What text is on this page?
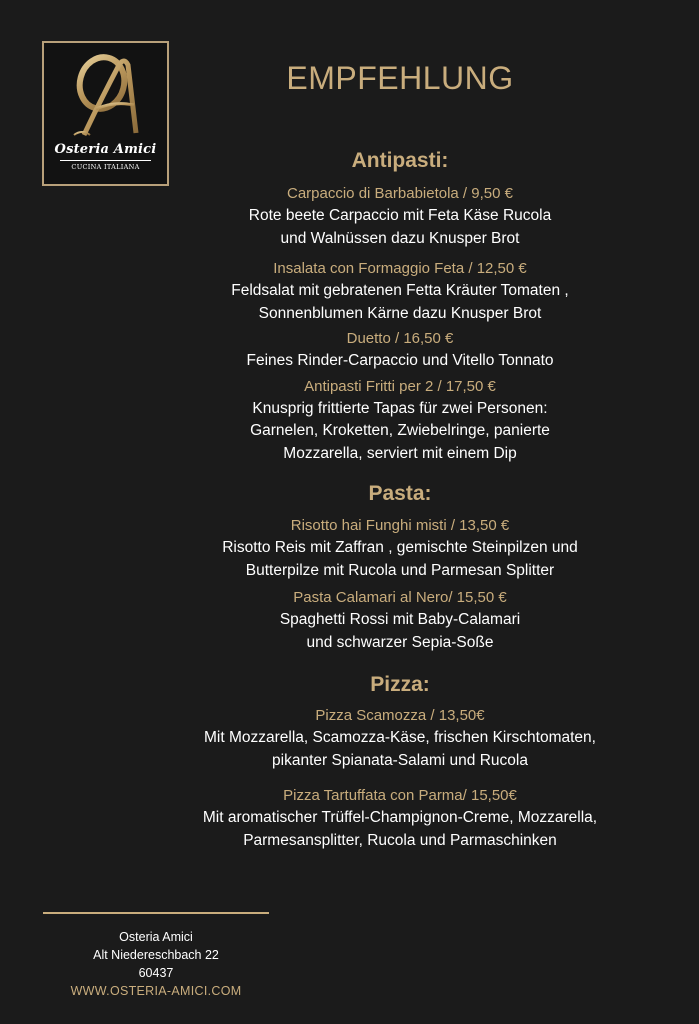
Osteria Amici
CUCINA ITALIANA
EMPFEHLUNG

Antipasti:

Carpaccio di Barbabietola / 9,50 €

Rote beete Carpaccio mit Feta Käse Rucola

und Walnüssen dazu Knusper Brot

Insalata con Formaggio Feta / 12,50 €

Feldsalat mit gebratenen Fetta Kräuter Tomaten ,

Sonnenblumen Kärne dazu Knusper Brot

Duetto / 16,50 €

Feines Rinder-Carpaccio und Vitello Tonnato

Antipasti Fritti per 2 / 17,50 €

Knusprig frittierte Tapas für zwei Personen:

Garnelen, Kroketten, Zwiebelringe, panierte

Mozzarella, serviert mit einem Dip

Pasta:

Risotto hai Funghi misti / 13,50 €

Risotto Reis mit Zaffran , gemischte Steinpilzen und

Butterpilze mit Rucola und Parmesan Splitter

Pasta Calamari al Nero/ 15,50 €

Spaghetti Rossi mit Baby-Calamari

und schwarzer Sepia-Soße

Pizza:

Pizza Scamozza / 13,50€

Mit Mozzarella, Scamozza-Käse, frischen Kirschtomaten,

pikanter Spianata-Salami und Rucola

Pizza Tartuffata con Parma/ 15,50€

Mit aromatischer Trüffel-Champignon-Creme, Mozzarella,

Parmesansplitter, Rucola und Parmaschinken

Osteria Amici
Alt Niedereschbach 22
60437
WWW.OSTERIA-AMICI.COM
